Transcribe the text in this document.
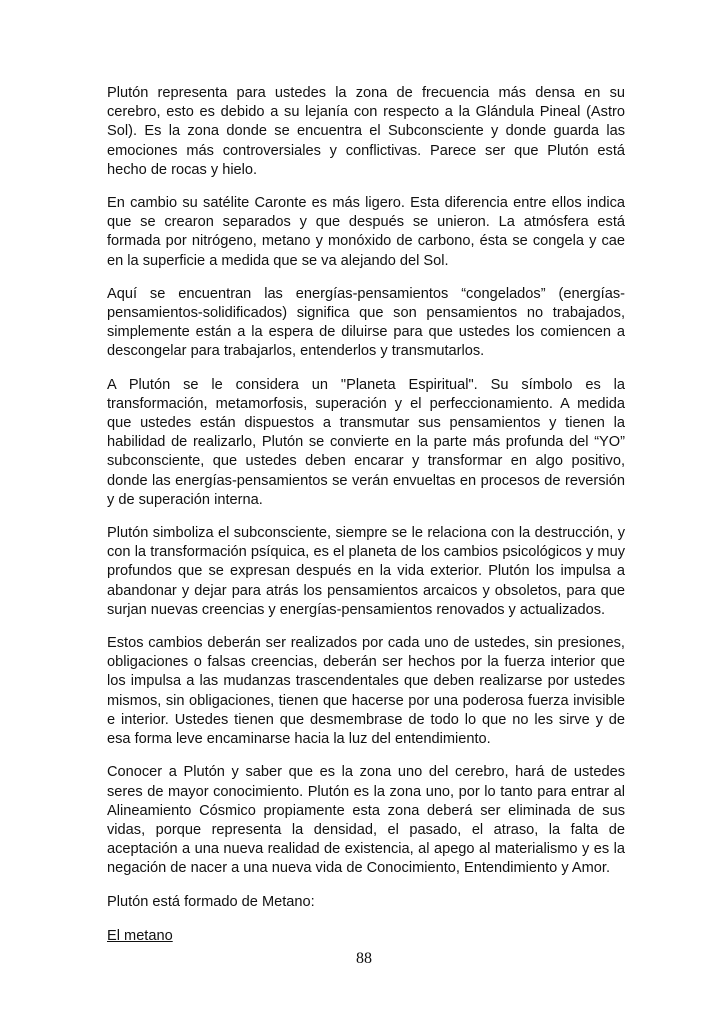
Plutón representa para ustedes la zona de frecuencia más densa en su cerebro, esto es debido a su lejanía con respecto a la Glándula Pineal (Astro Sol). Es la zona donde se encuentra el Subconsciente y donde guarda las emociones más controversiales y conflictivas. Parece ser que Plutón está hecho de rocas y hielo.

En cambio su satélite Caronte es más ligero. Esta diferencia entre ellos indica que se crearon separados y que después se unieron. La atmósfera está formada por nitrógeno, metano y monóxido de carbono, ésta se congela y cae en la superficie a medida que se va alejando del Sol.

Aquí se encuentran las energías-pensamientos “congelados” (energías-pensamientos-solidificados) significa que son pensamientos no trabajados, simplemente están a la espera de diluirse para que ustedes los comiencen a descongelar para trabajarlos, entenderlos y transmutarlos.

A Plutón se le considera un "Planeta Espiritual". Su símbolo es la transformación, metamorfosis, superación y el perfeccionamiento. A medida que ustedes están dispuestos a transmutar sus pensamientos y tienen la habilidad de realizarlo, Plutón se convierte en la parte más profunda del “YO” subconsciente, que ustedes deben encarar y transformar en algo positivo, donde las energías-pensamientos se verán envueltas en procesos de reversión y de superación interna.

Plutón simboliza el subconsciente, siempre se le relaciona con la destrucción, y con la transformación psíquica, es el planeta de los cambios psicológicos y muy profundos que se expresan después en la vida exterior. Plutón los impulsa a abandonar y dejar para atrás los pensamientos arcaicos y obsoletos, para que surjan nuevas creencias y energías-pensamientos renovados y actualizados.

Estos cambios deberán ser realizados por cada uno de ustedes, sin presiones, obligaciones o falsas creencias, deberán ser hechos por la fuerza interior que los impulsa a las mudanzas trascendentales que deben realizarse por ustedes mismos, sin obligaciones, tienen que hacerse por una poderosa fuerza invisible e interior. Ustedes tienen que desmembrase de todo lo que no les sirve y de esa forma leve encaminarse hacia la luz del entendimiento.

Conocer a Plutón y saber que es la zona uno del cerebro, hará de ustedes seres de mayor conocimiento. Plutón es la zona uno, por lo tanto para entrar al Alineamiento Cósmico propiamente esta zona deberá ser eliminada de sus vidas, porque representa la densidad, el pasado, el atraso, la falta de aceptación a una nueva realidad de existencia, al apego al materialismo y es la negación de nacer a una nueva vida de Conocimiento, Entendimiento y Amor.

Plutón está formado de Metano:

El metano

88
